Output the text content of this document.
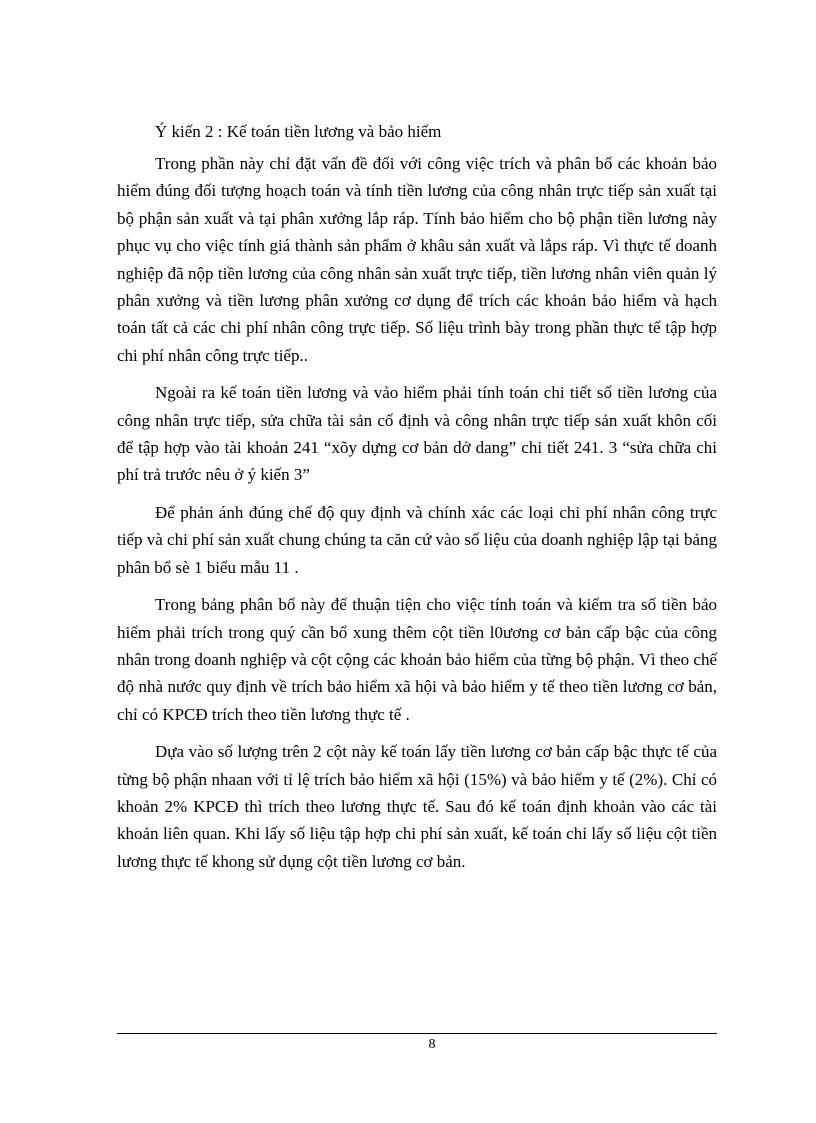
Ý kiến 2 : Kế toán tiền lương và bảo hiểm

Trong phần này chỉ đặt vấn đề đối với công việc trích và phân bổ các khoản bảo hiểm đúng đối tượng hoạch toán và tính tiền lương của công nhân trực tiếp sản xuất tại bộ phận sản xuất và tại phân xưởng lắp ráp. Tính bảo hiểm cho bộ phận tiền lương này phục vụ cho việc tính giá thành sản phẩm ở khâu sản xuất và lắps ráp. Vì thực tế doanh nghiệp đã nộp tiền lương của công nhân sản xuất trực tiếp, tiền lương nhân viên quản lý phân xưởng và tiền lương phân xưởng cơ dụng để trích các khoản bảo hiểm và hạch toán tất cả các chi phí nhân công trực tiếp. Số liệu trình bày trong phần thực tế tập hợp chi phí nhân công trực tiếp..

Ngoài ra kế toán tiền lương và vảo hiểm phải tính toán chi tiết số tiền lương của công nhân trực tiếp, sửa chữa tài sản cố định và công nhân trực tiếp sản xuất khôn cối để tập hợp vào tài khoản 241 “xõy dựng cơ bản dở dang” chi tiết 241. 3 “sửa chữa chi phí trả trước nêu ở ý kiến 3”

Để phản ánh đúng chế độ quy định và chính xác các loại chi phí nhân công trực tiếp và chi phí sản xuất chung chúng ta căn cứ vào số liệu của doanh nghiệp lập tại bảng phân bổ sè 1 biểu mẫu 11 .

Trong bảng phân bổ này để thuận tiện cho việc tính toán và kiểm tra số tiền bảo hiểm phải trích trong quý cần bổ xung thêm cột tiền l0ương cơ bản cấp bậc của công nhân trong doanh nghiệp và cột cộng các khoản bảo hiểm của từng bộ phận. Vì theo chế độ nhà nước quy định về trích bảo hiểm xã hội và bảo hiểm y tế theo tiền lương cơ bản, chỉ có KPCĐ trích theo tiền lương thực tế .

Dựa vào số lượng trên 2 cột này kế toán lấy tiền lương cơ bản cấp bậc thực tế của từng bộ phận nhaan với tỉ lệ trích bảo hiểm xã hội (15%) và bảo hiểm y tế (2%). Chỉ có khoản 2% KPCĐ thì trích theo lương thực tế. Sau đó kế toán định khoản vào các tài khoản liên quan. Khi lấy số liệu tập hợp chi phí sản xuất, kế toán chỉ lấy số liệu cột tiền lương thực tế khong sử dụng cột tiền lương cơ bản.

8
